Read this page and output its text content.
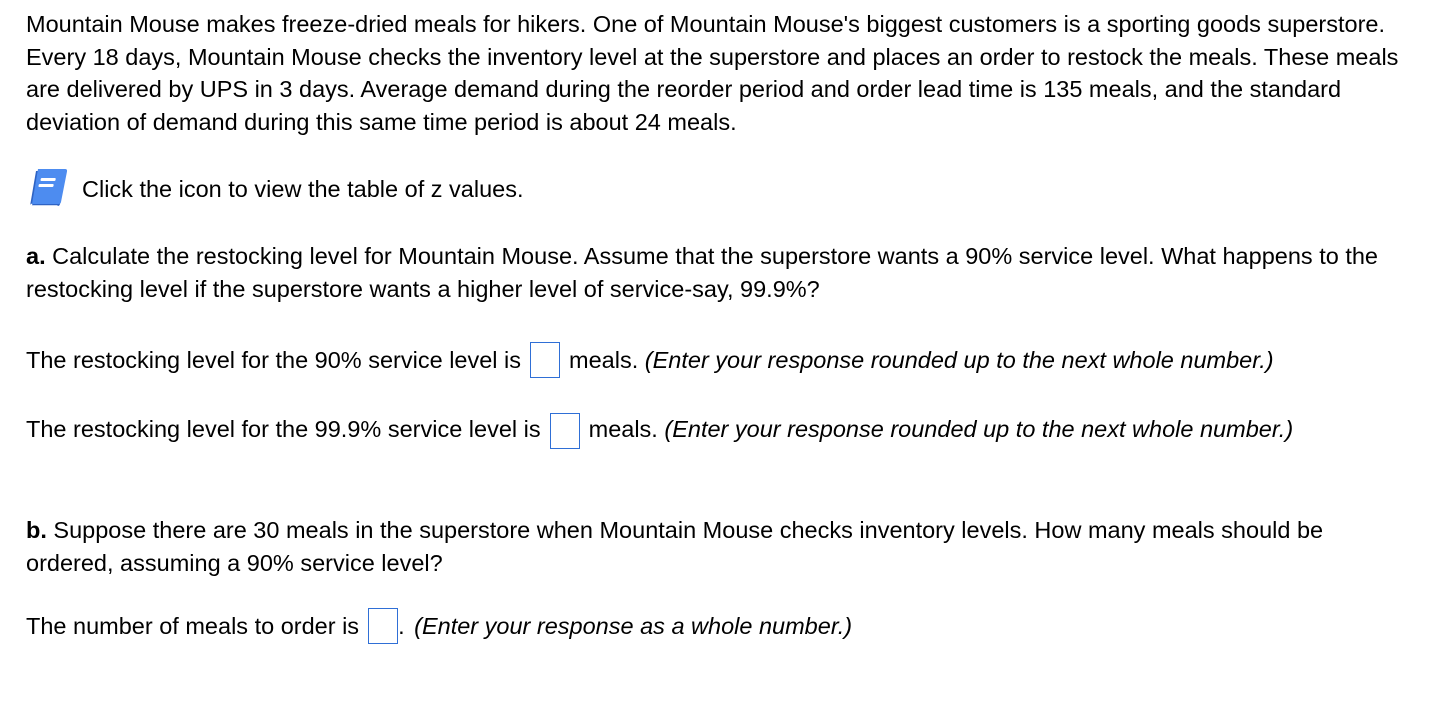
Mountain Mouse makes freeze-dried meals for hikers. One of Mountain Mouse's biggest customers is a sporting goods superstore. Every 18 days, Mountain Mouse checks the inventory level at the superstore and places an order to restock the meals. These meals are delivered by UPS in 3 days. Average demand during the reorder period and order lead time is 135 meals, and the standard deviation of demand during this same time period is about 24 meals.

Click the icon to view the table of z values.

a. Calculate the restocking level for Mountain Mouse. Assume that the superstore wants a 90% service level. What happens to the restocking level if the superstore wants a higher level of service-say, 99.9%?

The restocking level for the 90% service level is meals.
(Enter your response rounded up to the next whole number.)

The restocking level for the 99.9% service level is meals. (Enter your response rounded up to the next whole number.)

b. Suppose there are 30 meals in the superstore when Mountain Mouse checks inventory levels. How many meals should be ordered, assuming a 90% service level?

The number of meals to order is .
(Enter your response as a whole number.)
